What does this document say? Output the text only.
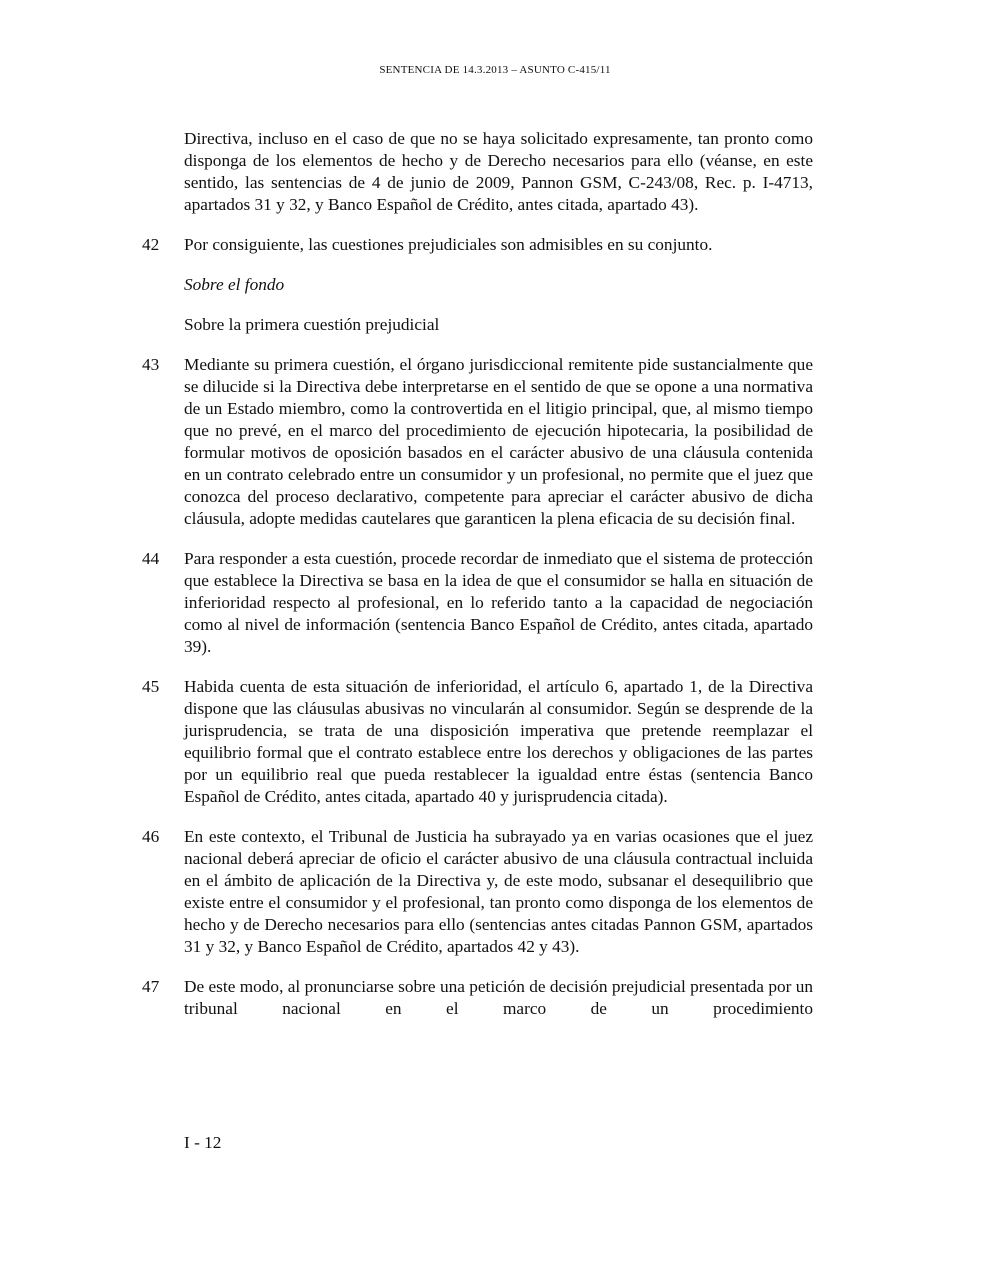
SENTENCIA DE 14.3.2013 – ASUNTO C-415/11
Directiva, incluso en el caso de que no se haya solicitado expresamente, tan pronto como disponga de los elementos de hecho y de Derecho necesarios para ello (véanse, en este sentido, las sentencias de 4 de junio de 2009, Pannon GSM, C-243/08, Rec. p. I-4713, apartados 31 y 32, y Banco Español de Crédito, antes citada, apartado 43).
42 Por consiguiente, las cuestiones prejudiciales son admisibles en su conjunto.
Sobre el fondo
Sobre la primera cuestión prejudicial
43 Mediante su primera cuestión, el órgano jurisdiccional remitente pide sustancialmente que se dilucide si la Directiva debe interpretarse en el sentido de que se opone a una normativa de un Estado miembro, como la controvertida en el litigio principal, que, al mismo tiempo que no prevé, en el marco del procedimiento de ejecución hipotecaria, la posibilidad de formular motivos de oposición basados en el carácter abusivo de una cláusula contenida en un contrato celebrado entre un consumidor y un profesional, no permite que el juez que conozca del proceso declarativo, competente para apreciar el carácter abusivo de dicha cláusula, adopte medidas cautelares que garanticen la plena eficacia de su decisión final.
44 Para responder a esta cuestión, procede recordar de inmediato que el sistema de protección que establece la Directiva se basa en la idea de que el consumidor se halla en situación de inferioridad respecto al profesional, en lo referido tanto a la capacidad de negociación como al nivel de información (sentencia Banco Español de Crédito, antes citada, apartado 39).
45 Habida cuenta de esta situación de inferioridad, el artículo 6, apartado 1, de la Directiva dispone que las cláusulas abusivas no vincularán al consumidor. Según se desprende de la jurisprudencia, se trata de una disposición imperativa que pretende reemplazar el equilibrio formal que el contrato establece entre los derechos y obligaciones de las partes por un equilibrio real que pueda restablecer la igualdad entre éstas (sentencia Banco Español de Crédito, antes citada, apartado 40 y jurisprudencia citada).
46 En este contexto, el Tribunal de Justicia ha subrayado ya en varias ocasiones que el juez nacional deberá apreciar de oficio el carácter abusivo de una cláusula contractual incluida en el ámbito de aplicación de la Directiva y, de este modo, subsanar el desequilibrio que existe entre el consumidor y el profesional, tan pronto como disponga de los elementos de hecho y de Derecho necesarios para ello (sentencias antes citadas Pannon GSM, apartados 31 y 32, y Banco Español de Crédito, apartados 42 y 43).
47 De este modo, al pronunciarse sobre una petición de decisión prejudicial presentada por un tribunal nacional en el marco de un procedimiento
I - 12
